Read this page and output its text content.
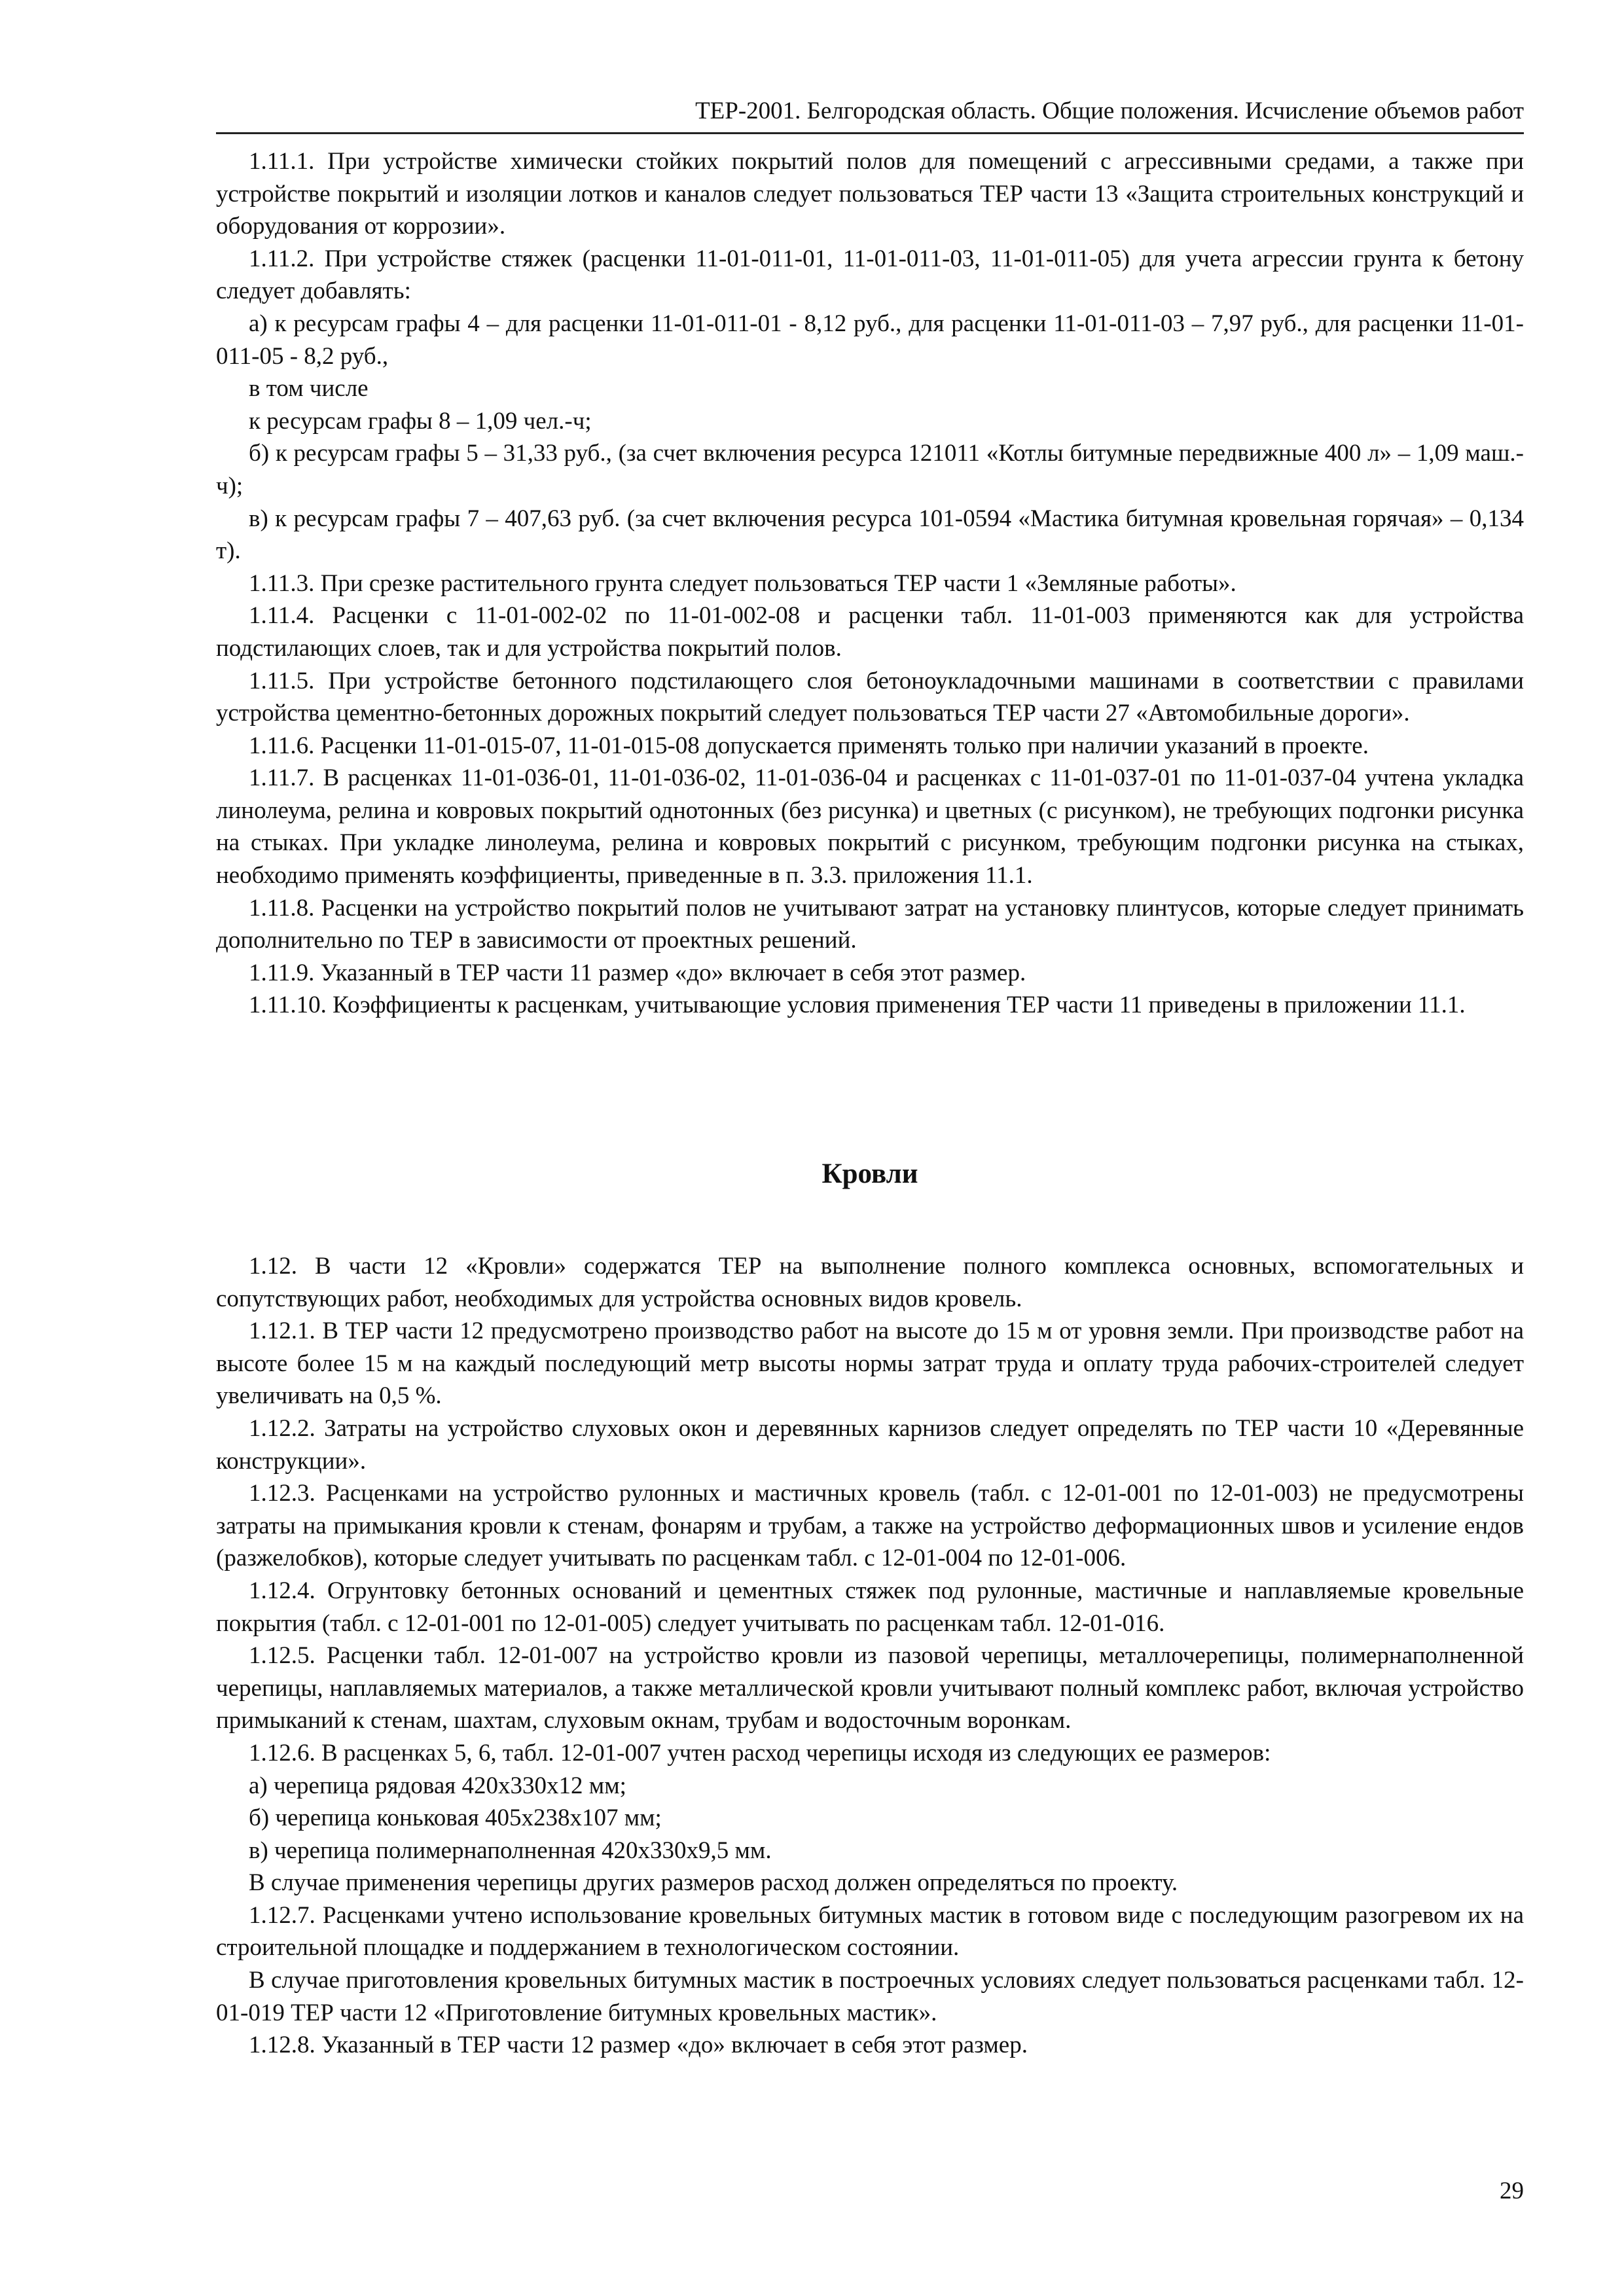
ТЕР-2001. Белгородская область. Общие положения. Исчисление объемов работ

1.11.1. При устройстве химически стойких покрытий полов для помещений с агрессивными средами, а также при устройстве покрытий и изоляции лотков и каналов следует пользоваться ТЕР части 13 «Защита строительных конструкций и оборудования от коррозии».

1.11.2. При устройстве стяжек (расценки 11-01-011-01, 11-01-011-03, 11-01-011-05) для учета агрессии грунта к бетону следует добавлять:

а) к ресурсам графы 4 – для расценки 11-01-011-01 - 8,12 руб., для расценки 11-01-011-03 – 7,97 руб., для расценки 11-01-011-05 - 8,2 руб.,

в том числе

к ресурсам графы 8 – 1,09 чел.-ч;

б) к ресурсам графы 5 – 31,33 руб., (за счет включения ресурса 121011 «Котлы битумные передвижные 400 л» – 1,09 маш.-ч);

в) к ресурсам графы 7 – 407,63 руб. (за счет включения ресурса 101-0594 «Мастика битумная кровельная горячая» – 0,134 т).

1.11.3. При срезке растительного грунта следует пользоваться ТЕР части 1 «Земляные работы».

1.11.4. Расценки с 11-01-002-02 по 11-01-002-08 и расценки табл. 11-01-003 применяются как для устройства подстилающих слоев, так и для устройства покрытий полов.

1.11.5. При устройстве бетонного подстилающего слоя бетоноукладочными машинами в соответствии с правилами устройства цементно-бетонных дорожных покрытий следует пользоваться ТЕР части 27 «Автомобильные дороги».

1.11.6. Расценки 11-01-015-07, 11-01-015-08 допускается применять только при наличии указаний в проекте.

1.11.7. В расценках 11-01-036-01, 11-01-036-02, 11-01-036-04 и расценках с 11-01-037-01 по 11-01-037-04 учтена укладка линолеума, релина и ковровых покрытий однотонных (без рисунка) и цветных (с рисунком), не требующих подгонки рисунка на стыках. При укладке линолеума, релина и ковровых покрытий с рисунком, требующим подгонки рисунка на стыках, необходимо применять коэффициенты, приведенные в п. 3.3. приложения 11.1.

1.11.8. Расценки на устройство покрытий полов не учитывают затрат на установку плинтусов, которые следует принимать дополнительно по ТЕР в зависимости от проектных решений.

1.11.9. Указанный в ТЕР части 11 размер «до» включает в себя этот размер.

1.11.10. Коэффициенты к расценкам, учитывающие условия применения ТЕР части 11 приведены в приложении 11.1.

Кровли

1.12. В части 12 «Кровли» содержатся ТЕР на выполнение полного комплекса основных, вспомогательных и сопутствующих работ, необходимых для устройства основных видов кровель.

1.12.1. В ТЕР части 12 предусмотрено производство работ на высоте до 15 м от уровня земли. При производстве работ на высоте более 15 м на каждый последующий метр высоты нормы затрат труда и оплату труда рабочих-строителей следует увеличивать на 0,5 %.

1.12.2. Затраты на устройство слуховых окон и деревянных карнизов следует определять по ТЕР части 10 «Деревянные конструкции».

1.12.3. Расценками на устройство рулонных и мастичных кровель (табл. с 12-01-001 по 12-01-003) не предусмотрены затраты на примыкания кровли к стенам, фонарям и трубам, а также на устройство деформационных швов и усиление ендов (разжелобков), которые следует учитывать по расценкам табл. с 12-01-004 по 12-01-006.

1.12.4. Огрунтовку бетонных оснований и цементных стяжек под рулонные, мастичные и наплавляемые кровельные покрытия (табл. с 12-01-001 по 12-01-005) следует учитывать по расценкам табл. 12-01-016.

1.12.5. Расценки табл. 12-01-007 на устройство кровли из пазовой черепицы, металлочерепицы, полимернаполненной черепицы, наплавляемых материалов, а также металлической кровли учитывают полный комплекс работ, включая устройство примыканий к стенам, шахтам, слуховым окнам, трубам и водосточным воронкам.

1.12.6. В расценках 5, 6, табл. 12-01-007 учтен расход черепицы исходя из следующих ее размеров:

а) черепица рядовая 420x330x12 мм;

б) черепица коньковая 405x238x107 мм;

в) черепица полимернаполненная 420x330x9,5 мм.

В случае применения черепицы других размеров расход должен определяться по проекту.

1.12.7. Расценками учтено использование кровельных битумных мастик в готовом виде с последующим разогревом их на строительной площадке и поддержанием в технологическом состоянии.

В случае приготовления кровельных битумных мастик в построечных условиях следует пользоваться расценками табл. 12-01-019 ТЕР части 12 «Приготовление битумных кровельных мастик».

1.12.8. Указанный в ТЕР части 12 размер «до» включает в себя этот размер.

29
